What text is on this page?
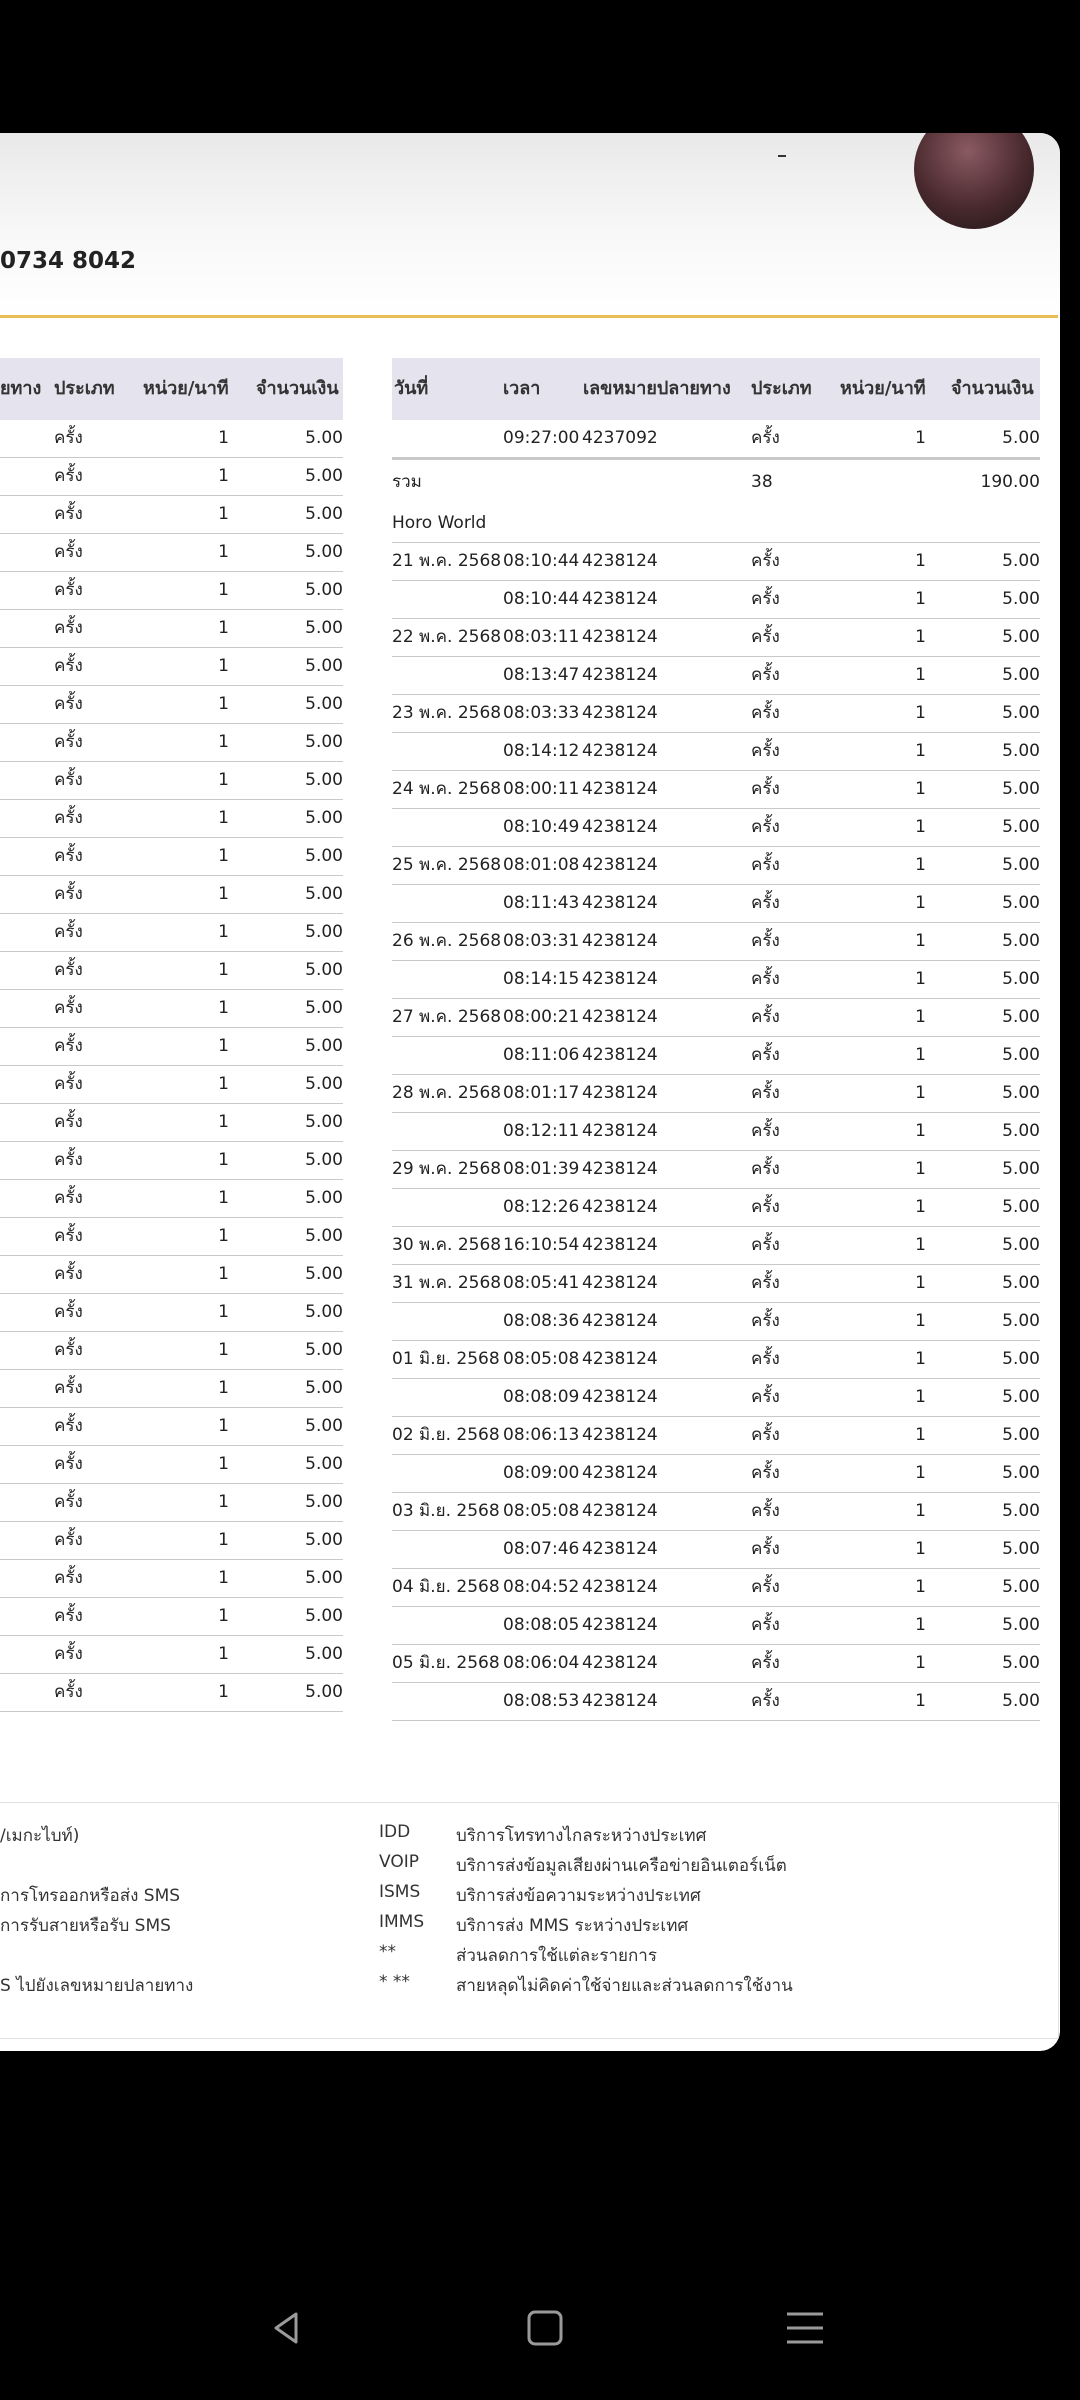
0734 8042
ยทาง ประเภท หน่วย/นาที จำนวนเงิน	วันที่	เวลา เลขหมายปลายทาง ประเภท หน่วย/นาที จำนวนเงิน
ครั้ง	1	5.00
ครั้ง	1	5.00
ครั้ง	1	5.00
ครั้ง	1	5.00
ครั้ง	1	5.00
ครั้ง	1	5.00
ครั้ง	1	5.00
ครั้ง	1	5.00
ครั้ง	1	5.00
ครั้ง	1	5.00
ครั้ง	1	5.00
ครั้ง	1	5.00
ครั้ง	1	5.00
ครั้ง	1	5.00
ครั้ง	1	5.00
ครั้ง	1	5.00
ครั้ง	1	5.00
ครั้ง	1	5.00
ครั้ง	1	5.00
ครั้ง	1	5.00
ครั้ง	1	5.00
ครั้ง	1	5.00
ครั้ง	1	5.00
ครั้ง	1	5.00
ครั้ง	1	5.00
ครั้ง	1	5.00
ครั้ง	1	5.00
ครั้ง	1	5.00
ครั้ง	1	5.00
ครั้ง	1	5.00
ครั้ง	1	5.00
ครั้ง	1	5.00
ครั้ง	1	5.00
ครั้ง	1	5.00
09:27:00 4237092	ครั้ง	1	5.00
รวม	38	190.00
Horo World
21 พ.ค. 2568 08:10:44 4238124	ครั้ง	1	5.00
08:10:44 4238124	ครั้ง	1	5.00
22 พ.ค. 2568 08:03:11 4238124	ครั้ง	1	5.00
08:13:47 4238124	ครั้ง	1	5.00
23 พ.ค. 2568 08:03:33 4238124	ครั้ง	1	5.00
08:14:12 4238124	ครั้ง	1	5.00
24 พ.ค. 2568 08:00:11 4238124	ครั้ง	1	5.00
08:10:49 4238124	ครั้ง	1	5.00
25 พ.ค. 2568 08:01:08 4238124	ครั้ง	1	5.00
08:11:43 4238124	ครั้ง	1	5.00
26 พ.ค. 2568 08:03:31 4238124	ครั้ง	1	5.00
08:14:15 4238124	ครั้ง	1	5.00
27 พ.ค. 2568 08:00:21 4238124	ครั้ง	1	5.00
08:11:06 4238124	ครั้ง	1	5.00
28 พ.ค. 2568 08:01:17 4238124	ครั้ง	1	5.00
08:12:11 4238124	ครั้ง	1	5.00
29 พ.ค. 2568 08:01:39 4238124	ครั้ง	1	5.00
08:12:26 4238124	ครั้ง	1	5.00
30 พ.ค. 2568 16:10:54 4238124	ครั้ง	1	5.00
31 พ.ค. 2568 08:05:41 4238124	ครั้ง	1	5.00
08:08:36 4238124	ครั้ง	1	5.00
01 มิ.ย. 2568 08:05:08 4238124	ครั้ง	1	5.00
08:08:09 4238124	ครั้ง	1	5.00
02 มิ.ย. 2568 08:06:13 4238124	ครั้ง	1	5.00
08:09:00 4238124	ครั้ง	1	5.00
03 มิ.ย. 2568 08:05:08 4238124	ครั้ง	1	5.00
08:07:46 4238124	ครั้ง	1	5.00
04 มิ.ย. 2568 08:04:52 4238124	ครั้ง	1	5.00
08:08:05 4238124	ครั้ง	1	5.00
05 มิ.ย. 2568 08:06:04 4238124	ครั้ง	1	5.00
08:08:53 4238124	ครั้ง	1	5.00
/เมกะไบท์)
การโทรออกหรือส่ง SMS
การรับสายหรือรับ SMS
S ไปยังเลขหมายปลายทาง
IDD	บริการโทรทางไกลระหว่างประเทศ
VOIP บริการส่งข้อมูลเสียงผ่านเครือข่ายอินเตอร์เน็ต
ISMS บริการส่งข้อความระหว่างประเทศ
IMMS บริการส่ง MMS ระหว่างประเทศ
**	ส่วนลดการใช้แต่ละรายการ
* **	สายหลุดไม่คิดค่าใช้จ่ายและส่วนลดการใช้งาน
